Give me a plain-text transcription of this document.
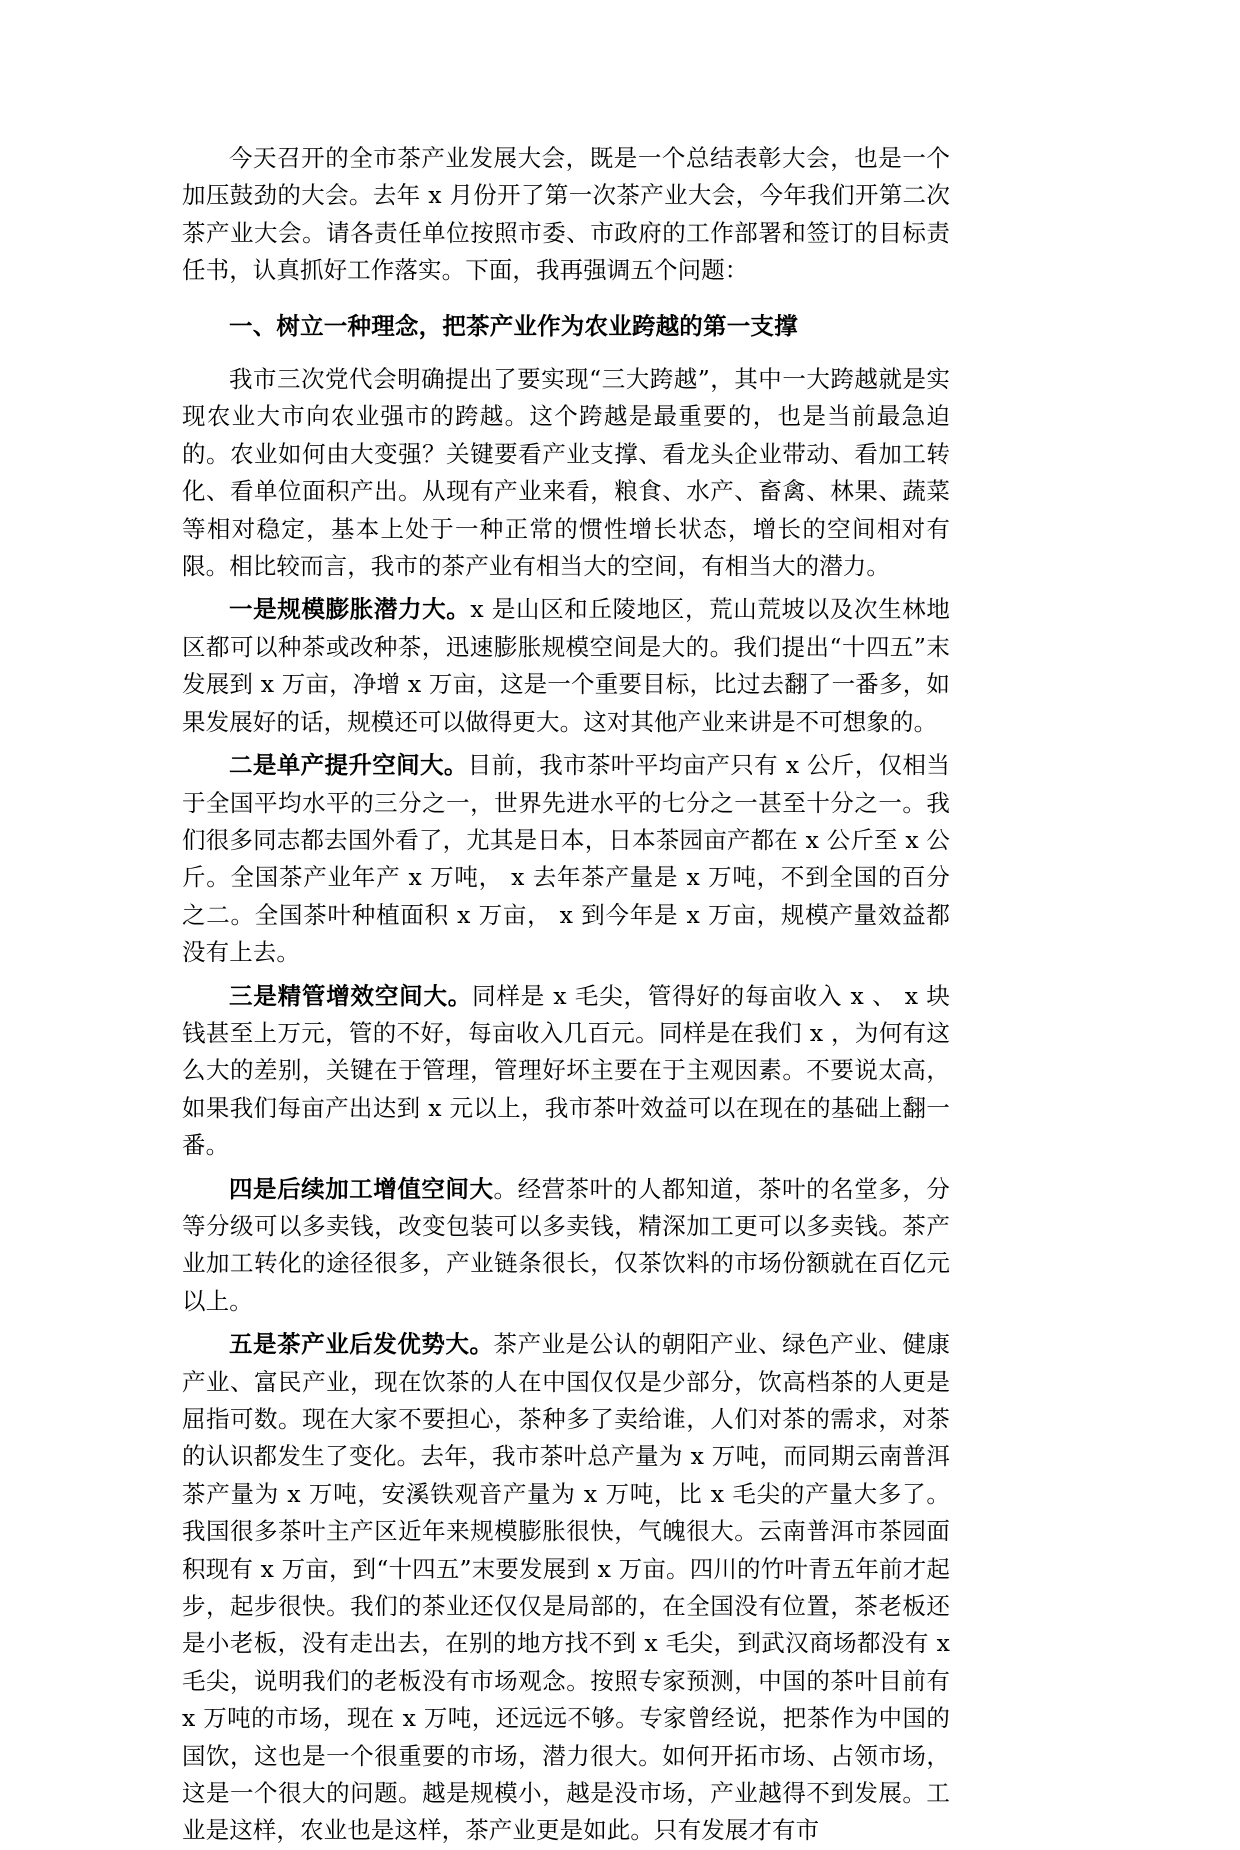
今天召开的全市茶产业发展大会，既是一个总结表彰大会，也是一个加压鼓劲的大会。去年 x 月份开了第一次茶产业大会，今年我们开第二次茶产业大会。请各责任单位按照市委、市政府的工作部署和签订的目标责任书，认真抓好工作落实。下面，我再强调五个问题：

一、树立一种理念，把茶产业作为农业跨越的第一支撑

我市三次党代会明确提出了要实现“三大跨越”，其中一大跨越就是实现农业大市向农业强市的跨越。这个跨越是最重要的，也是当前最急迫的。农业如何由大变强？关键要看产业支撑、看龙头企业带动、看加工转化、看单位面积产出。从现有产业来看，粮食、水产、畜禽、林果、蔬菜等相对稳定，基本上处于一种正常的惯性增长状态，增长的空间相对有限。相比较而言，我市的茶产业有相当大的空间，有相当大的潜力。

一是规模膨胀潜力大。x 是山区和丘陵地区，荒山荒坡以及次生林地区都可以种茶或改种茶，迅速膨胀规模空间是大的。我们提出“十四五”末发展到 x 万亩，净增 x 万亩，这是一个重要目标，比过去翻了一番多，如果发展好的话，规模还可以做得更大。这对其他产业来讲是不可想象的。

二是单产提升空间大。目前，我市茶叶平均亩产只有 x 公斤，仅相当于全国平均水平的三分之一，世界先进水平的七分之一甚至十分之一。我们很多同志都去国外看了，尤其是日本，日本茶园亩产都在 x 公斤至 x 公斤。全国茶产业年产 x 万吨， x 去年茶产量是 x 万吨，不到全国的百分之二。全国茶叶种植面积 x 万亩， x 到今年是 x 万亩，规模产量效益都没有上去。

三是精管增效空间大。同样是 x 毛尖，管得好的每亩收入 x 、 x 块钱甚至上万元，管的不好，每亩收入几百元。同样是在我们 x ，为何有这么大的差别，关键在于管理，管理好坏主要在于主观因素。不要说太高，如果我们每亩产出达到 x 元以上，我市茶叶效益可以在现在的基础上翻一番。

四是后续加工增值空间大。经营茶叶的人都知道，茶叶的名堂多，分等分级可以多卖钱，改变包装可以多卖钱，精深加工更可以多卖钱。茶产业加工转化的途径很多，产业链条很长，仅茶饮料的市场份额就在百亿元以上。

五是茶产业后发优势大。茶产业是公认的朝阳产业、绿色产业、健康产业、富民产业，现在饮茶的人在中国仅仅是少部分，饮高档茶的人更是屈指可数。现在大家不要担心，茶种多了卖给谁，人们对茶的需求，对茶的认识都发生了变化。去年，我市茶叶总产量为 x 万吨，而同期云南普洱茶产量为 x 万吨，安溪铁观音产量为 x 万吨，比 x 毛尖的产量大多了。我国很多茶叶主产区近年来规模膨胀很快，气魄很大。云南普洱市茶园面积现有 x 万亩，到“十四五”末要发展到 x 万亩。四川的竹叶青五年前才起步，起步很快。我们的茶业还仅仅是局部的，在全国没有位置，茶老板还是小老板，没有走出去，在别的地方找不到 x 毛尖，到武汉商场都没有 x 毛尖，说明我们的老板没有市场观念。按照专家预测，中国的茶叶目前有 x 万吨的市场，现在 x 万吨，还远远不够。专家曾经说，把茶作为中国的国饮，这也是一个很重要的市场，潜力很大。如何开拓市场、占领市场，这是一个很大的问题。越是规模小，越是没市场，产业越得不到发展。工业是这样，农业也是这样，茶产业更是如此。只有发展才有市
